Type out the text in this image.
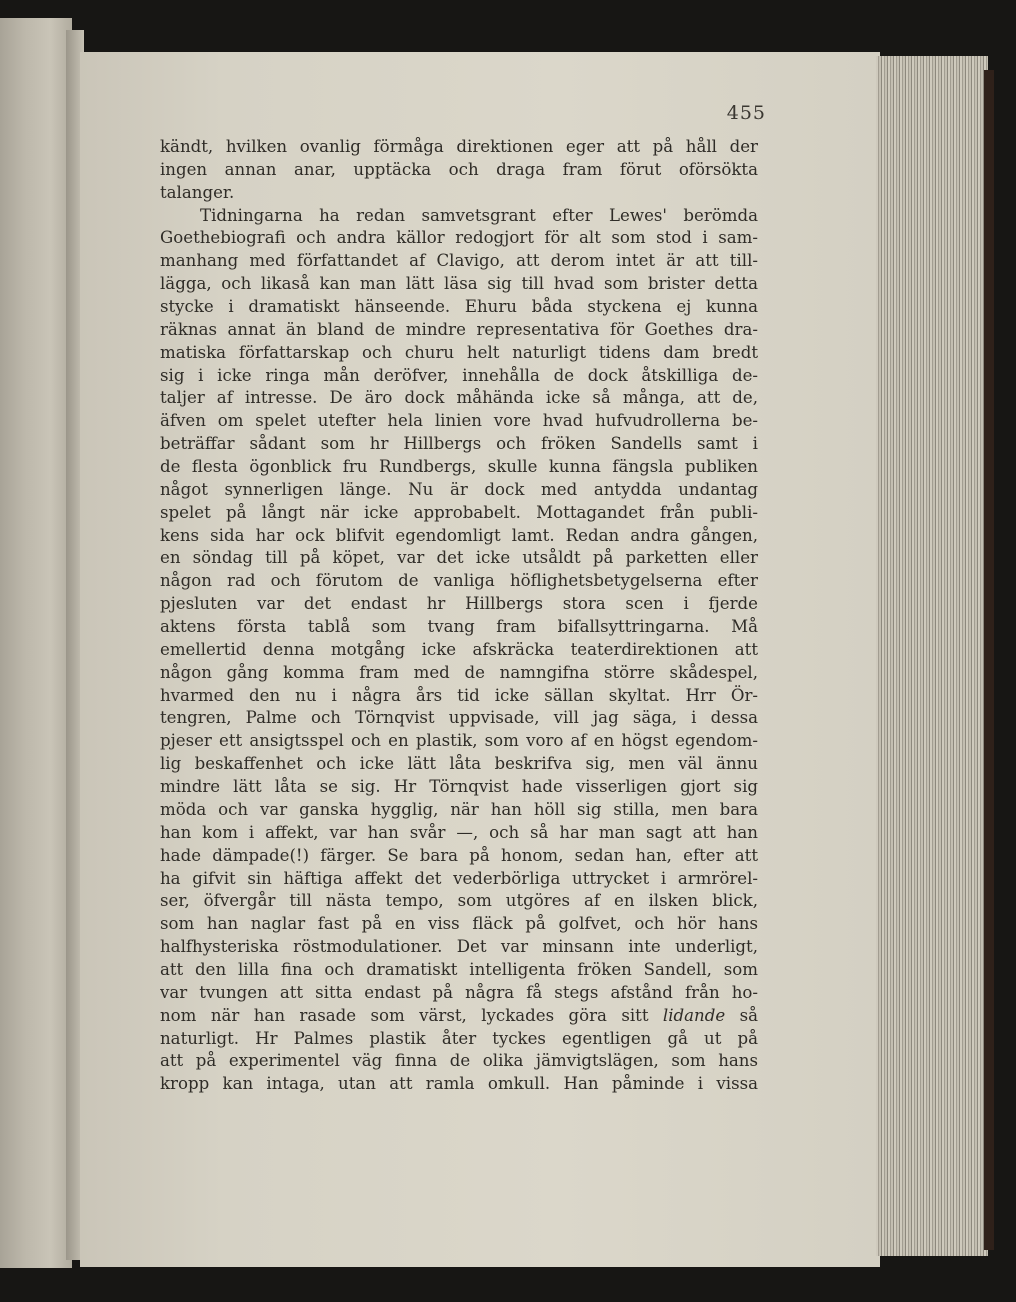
455
kändt, hvilken ovanlig förmåga direktionen eger att på håll der
ingen annan anar, upptäcka och draga fram förut oförsökta
talanger.
Tidningarna ha redan samvetsgrant efter Lewes' berömda
Goethebiografi och andra källor redogjort för alt som stod i sam-
manhang med författandet af Clavigo, att derom intet är att till-
lägga, och likaså kan man lätt läsa sig till hvad som brister detta
stycke i dramatiskt hänseende. Ehuru båda styckena ej kunna
räknas annat än bland de mindre representativa för Goethes dra-
matiska författarskap och churu helt naturligt tidens dam bredt
sig i icke ringa mån deröfver, innehålla de dock åtskilliga de-
taljer af intresse. De äro dock måhända icke så många, att de,
äfven om spelet utefter hela linien vore hvad hufvudrollerna be-
beträffar sådant som hr Hillbergs och fröken Sandells samt i
de flesta ögonblick fru Rundbergs, skulle kunna fängsla publiken
något synnerligen länge. Nu är dock med antydda undantag
spelet på långt när icke approbabelt. Mottagandet från publi-
kens sida har ock blifvit egendomligt lamt. Redan andra gången,
en söndag till på köpet, var det icke utsåldt på parketten eller
någon rad och förutom de vanliga höflighetsbetygelserna efter
pjesluten var det endast hr Hillbergs stora scen i fjerde
aktens första tablå som tvang fram bifallsyttringarna. Må
emellertid denna motgång icke afskräcka teaterdirektionen att
någon gång komma fram med de namngifna större skådespel,
hvarmed den nu i några års tid icke sällan skyltat. Hrr Ör-
tengren, Palme och Törnqvist uppvisade, vill jag säga, i dessa
pjeser ett ansigtsspel och en plastik, som voro af en högst egendom-
lig beskaffenhet och icke lätt låta beskrifva sig, men väl ännu
mindre lätt låta se sig. Hr Törnqvist hade visserligen gjort sig
möda och var ganska hygglig, när han höll sig stilla, men bara
han kom i affekt, var han svår —, och så har man sagt att han
hade dämpade(!) färger. Se bara på honom, sedan han, efter att
ha gifvit sin häftiga affekt det vederbörliga uttrycket i armrörel-
ser, öfvergår till nästa tempo, som utgöres af en ilsken blick,
som han naglar fast på en viss fläck på golfvet, och hör hans
halfhysteriska röstmodulationer. Det var minsann inte underligt,
att den lilla fina och dramatiskt intelligenta fröken Sandell, som
var tvungen att sitta endast på några få stegs afstånd från ho-
nom när han rasade som värst, lyckades göra sitt lidande så
naturligt. Hr Palmes plastik åter tyckes egentligen gå ut på
att på experimentel väg finna de olika jämvigtslägen, som hans
kropp kan intaga, utan att ramla omkull. Han påminde i vissa
